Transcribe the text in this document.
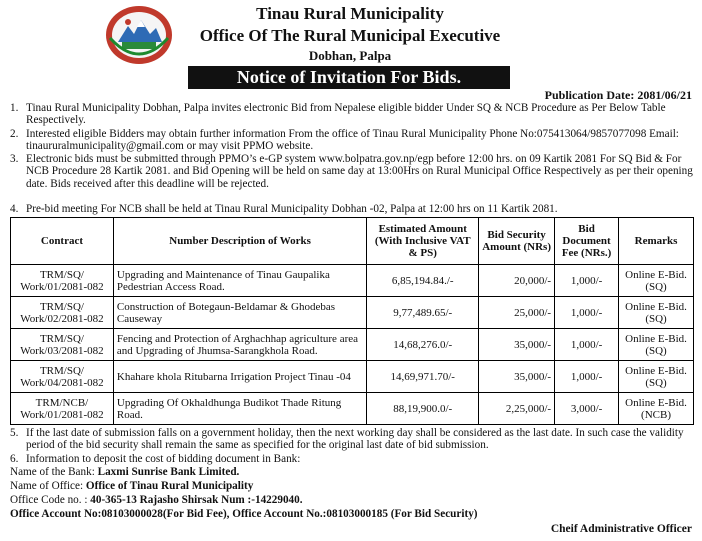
Tinau Rural Municipality
Office Of The Rural Municipal Executive
Dobhan, Palpa
Notice of Invitation For Bids.
Publication Date: 2081/06/21
1. Tinau Rural Municipality Dobhan, Palpa invites electronic Bid from Nepalese eligible bidder Under SQ & NCB Procedure as Per Below Table Respectively.
2. Interested eligible Bidders may obtain further information From the office of Tinau Rural Municipality Phone No:075413064/9857077098 Email: tinaururalmunicipality@gmail.com or may visit PPMO website.
3. Electronic bids must be submitted through PPMO’s e-GP system www.bolpatra.gov.np/egp before 12:00 hrs. on 09 Kartik 2081 For SQ Bid & For NCB Procedure 28 Kartik 2081. and Bid Opening will be held on same day at 13:00Hrs on Rural Municipal Office Respectively as per their opening date. Bids received after this deadline will be rejected.
4. Pre-bid meeting For NCB shall be held at Tinau Rural Municipality Dobhan -02, Palpa at 12:00 hrs on 11 Kartik 2081.
Contract	Number Description of Works	Estimated Amount (With Inclusive VAT & PS)	Bid Security Amount (NRs)	Bid Document Fee (NRs.)	Remarks
TRM/SQ/ Work/01/2081-082	Upgrading and Maintenance of Tinau Gaupalika Pedestrian Access Road.	6,85,194.84./-	20,000/-	1,000/-	Online E-Bid.(SQ)
TRM/SQ/ Work/02/2081-082	Construction of Botegaun-Beldamar & Ghodebas Causeway	9,77,489.65/-	25,000/-	1,000/-	Online E-Bid.(SQ)
TRM/SQ/ Work/03/2081-082	Fencing and Protection of Arghachhap agriculture area and Upgrading of Jhumsa-Sarangkhola Road.	14,68,276.0/-	35,000/-	1,000/-	Online E-Bid.(SQ)
TRM/SQ/ Work/04/2081-082	Khahare khola Ritubarna Irrigation Project Tinau -04	14,69,971.70/-	35,000/-	1,000/-	Online E-Bid.(SQ)
TRM/NCB/ Work/01/2081-082	Upgrading Of Okhaldhunga Budikot Thade Ritung Road.	88,19,900.0/-	2,25,000/-	3,000/-	Online E-Bid.(NCB)
5. If the last date of submission falls on a government holiday, then the next working day shall be considered as the last date. In such case the validity period of the bid security shall remain the same as specified for the original last date of bid submission.
6. Information to deposit the cost of bidding document in Bank:
Name of the Bank: Laxmi Sunrise Bank Limited.
Name of Office: Office of Tinau Rural Municipality
Office Code no. : 40-365-13 Rajasho Shirsak Num :-14229040.
Office Account No:08103000028(For Bid Fee), Office Account No.:08103000185 (For Bid Security)
Cheif Administrative Officer
